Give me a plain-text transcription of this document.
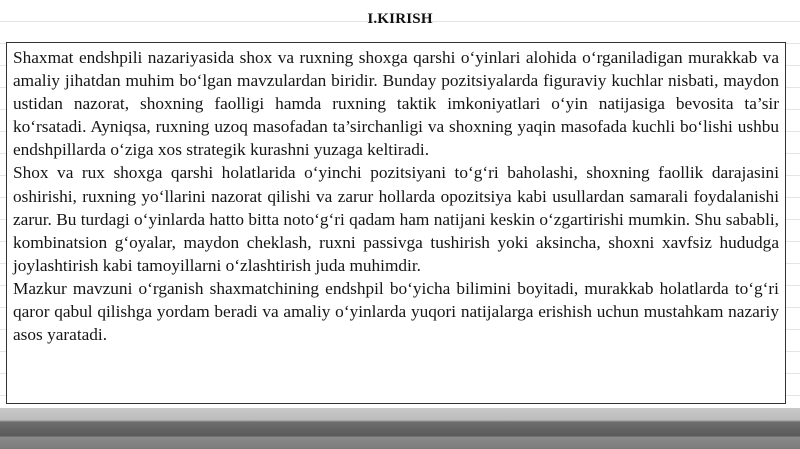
I.KIRISH

Shaxmat endshpili nazariyasida shox va ruxning shoxga qarshi o‘yinlari alohida o‘rganiladigan murakkab va amaliy jihatdan muhim bo‘lgan mavzulardan biridir. Bunday pozitsiyalarda figuraviy kuchlar nisbati, maydon ustidan nazorat, shoxning faolligi hamda ruxning taktik imkoniyatlari o‘yin natijasiga bevosita ta’sir ko‘rsatadi. Ayniqsa, ruxning uzoq masofadan ta’sirchanligi va shoxning yaqin masofada kuchli bo‘lishi ushbu endshpillarda o‘ziga xos strategik kurashni yuzaga keltiradi.

Shox va rux shoxga qarshi holatlarida o‘yinchi pozitsiyani to‘g‘ri baholashi, shoxning faollik darajasini oshirishi, ruxning yo‘llarini nazorat qilishi va zarur hollarda opozitsiya kabi usullardan samarali foydalanishi zarur. Bu turdagi o‘yinlarda hatto bitta noto‘g‘ri qadam ham natijani keskin o‘zgartirishi mumkin. Shu sababli, kombinatsion g‘oyalar, maydon cheklash, ruxni passivga tushirish yoki aksincha, shoxni xavfsiz hududga joylashtirish kabi tamoyillarni o‘zlashtirish juda muhimdir.

Mazkur mavzuni o‘rganish shaxmatchining endshpil bo‘yicha bilimini boyitadi, murakkab holatlarda to‘g‘ri qaror qabul qilishga yordam beradi va amaliy o‘yinlarda yuqori natijalarga erishish uchun mustahkam nazariy asos yaratadi.
